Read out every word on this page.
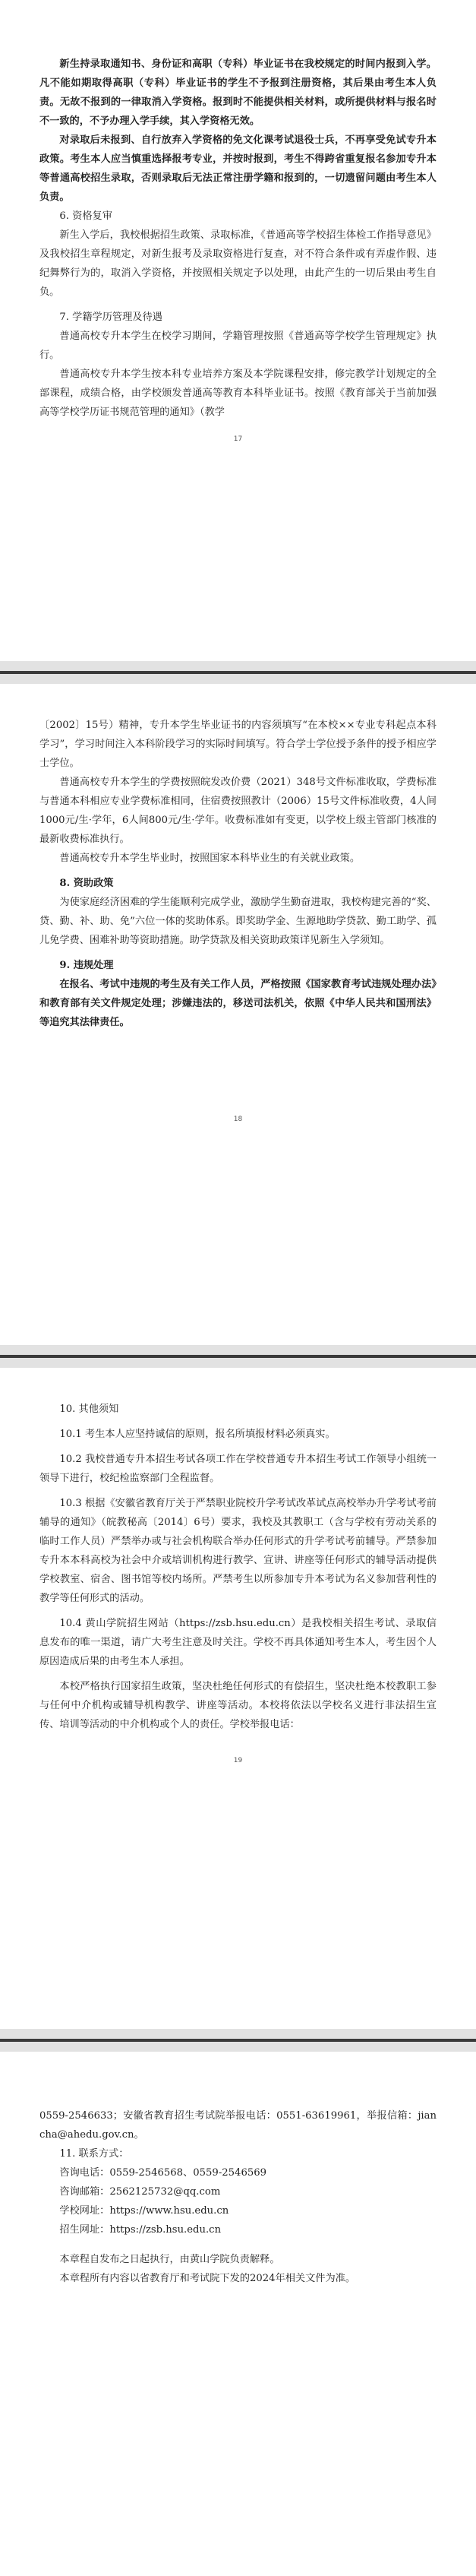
新生持录取通知书、身份证和高职（专科）毕业证书在我校规定的时间内报到入学。凡不能如期取得高职（专科）毕业证书的学生不予报到注册资格，其后果由考生本人负责。无故不报到的一律取消入学资格。报到时不能提供相关材料，或所提供材料与报名时不一致的，不予办理入学手续，其入学资格无效。

对录取后未报到、自行放弃入学资格的免文化课考试退役士兵，不再享受免试专升本政策。考生本人应当慎重选择报考专业，并按时报到，考生不得跨省重复报名参加专升本等普通高校招生录取，否则录取后无法正常注册学籍和报到的，一切遗留问题由考生本人负责。

6. 资格复审

新生入学后，我校根据招生政策、录取标准，《普通高等学校招生体检工作指导意见》及我校招生章程规定，对新生报考及录取资格进行复查，对不符合条件或有弄虚作假、违纪舞弊行为的，取消入学资格，并按照相关规定予以处理，由此产生的一切后果由考生自负。

7. 学籍学历管理及待遇

普通高校专升本学生在校学习期间，学籍管理按照《普通高等学校学生管理规定》执行。

普通高校专升本学生按本科专业培养方案及本学院课程安排，修完教学计划规定的全部课程，成绩合格，由学校颁发普通高等教育本科毕业证书。按照《教育部关于当前加强高等学校学历证书规范管理的通知》（教学

17

〔2002〕15号）精神，专升本学生毕业证书的内容须填写“在本校××专业专科起点本科学习”，学习时间注入本科阶段学习的实际时间填写。符合学士学位授予条件的授予相应学士学位。

普通高校专升本学生的学费按照皖发改价费（2021）348号文件标准收取，学费标准与普通本科相应专业学费标准相同，住宿费按照教计（2006）15号文件标准收费，4人间1000元/生·学年，6人间800元/生·学年。收费标准如有变更，以学校上级主管部门核准的最新收费标准执行。

普通高校专升本学生毕业时，按照国家本科毕业生的有关就业政策。

8. 资助政策

为使家庭经济困难的学生能顺利完成学业，激励学生勤奋进取，我校构建完善的“奖、贷、勤、补、助、免”六位一体的奖助体系。即奖助学金、生源地助学贷款、勤工助学、孤儿免学费、困难补助等资助措施。助学贷款及相关资助政策详见新生入学须知。

9. 违规处理

在报名、考试中违规的考生及有关工作人员，严格按照《国家教育考试违规处理办法》和教育部有关文件规定处理；涉嫌违法的，移送司法机关，依照《中华人民共和国刑法》等追究其法律责任。

18

10. 其他须知

10.1 考生本人应坚持诚信的原则，报名所填报材料必须真实。

10.2 我校普通专升本招生考试各项工作在学校普通专升本招生考试工作领导小组统一领导下进行，校纪检监察部门全程监督。

10.3 根据《安徽省教育厅关于严禁职业院校升学考试改革试点高校举办升学考试考前辅导的通知》（皖教秘高〔2014〕6号）要求，我校及其教职工（含与学校有劳动关系的临时工作人员）严禁举办或与社会机构联合举办任何形式的升学考试考前辅导。严禁参加专升本本科高校为社会中介或培训机构进行教学、宣讲、讲座等任何形式的辅导活动提供学校教室、宿舍、图书馆等校内场所。严禁考生以所参加专升本考试为名义参加营利性的教学等任何形式的活动。

10.4 黄山学院招生网站（https://zsb.hsu.edu.cn）是我校相关招生考试、录取信息发布的唯一渠道，请广大考生注意及时关注。学校不再具体通知考生本人，考生因个人原因造成后果的由考生本人承担。

本校严格执行国家招生政策，坚决杜绝任何形式的有偿招生，坚决杜绝本校教职工参与任何中介机构或辅导机构教学、讲座等活动。本校将依法以学校名义进行非法招生宣传、培训等活动的中介机构或个人的责任。学校举报电话：

19

0559-2546633；安徽省教育招生考试院举报电话：0551-63619961，举报信箱：jiancha@ahedu.gov.cn。

11. 联系方式：

咨询电话：0559-2546568、0559-2546569

咨询邮箱：2562125732@qq.com

学校网址：https://www.hsu.edu.cn

招生网址：https://zsb.hsu.edu.cn

本章程自发布之日起执行，由黄山学院负责解释。

本章程所有内容以省教育厅和考试院下发的2024年相关文件为准。
